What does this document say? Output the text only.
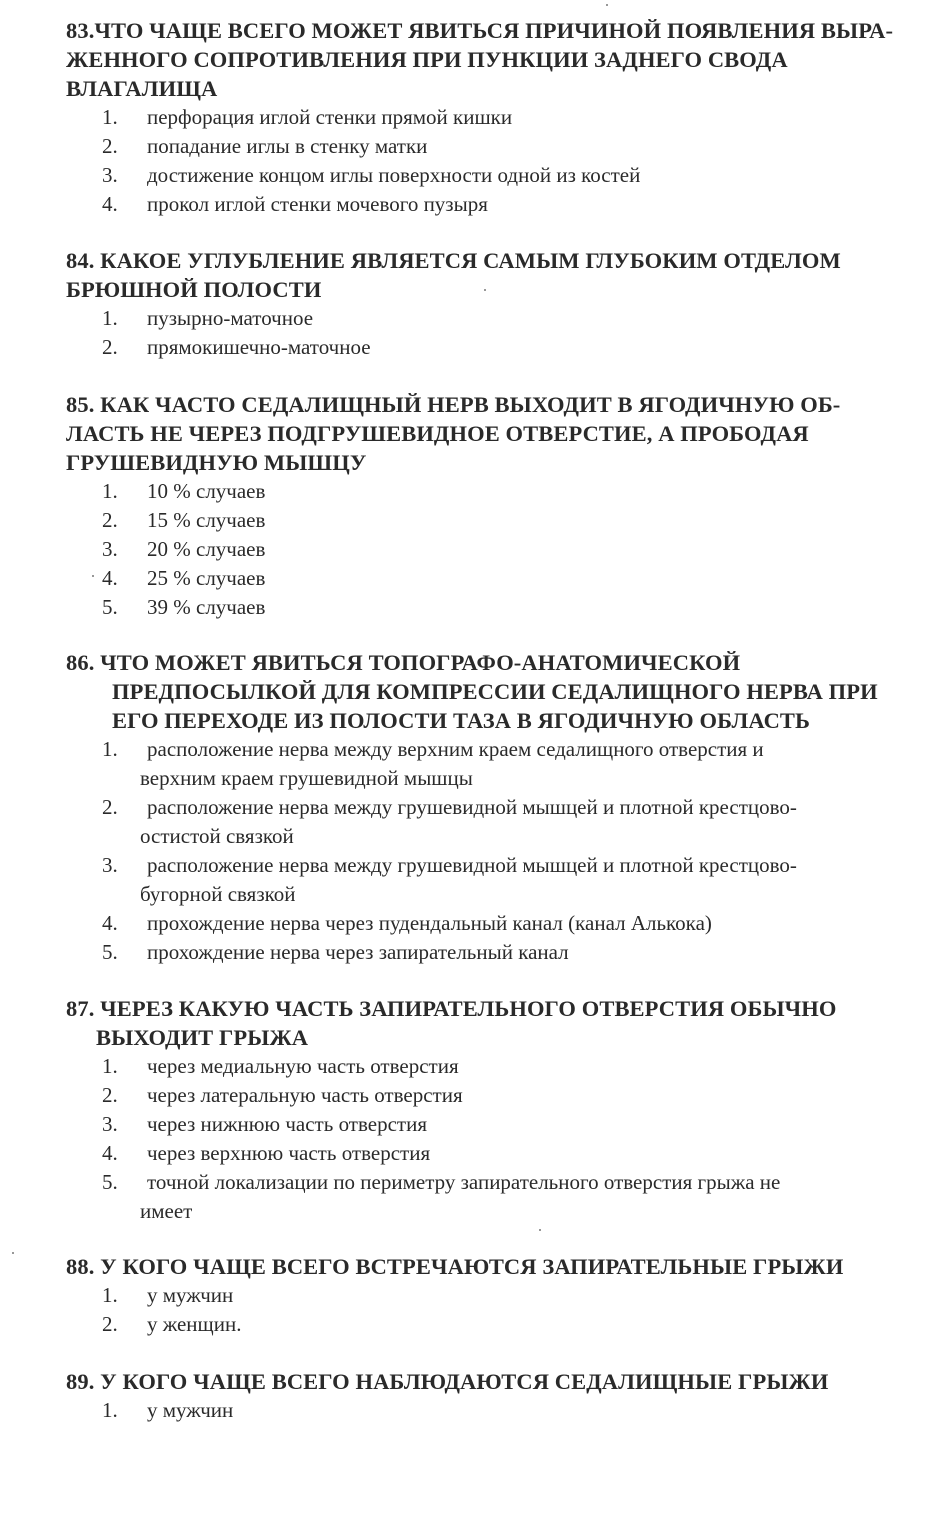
83.ЧТО ЧАЩЕ ВСЕГО МОЖЕТ ЯВИТЬСЯ ПРИЧИНОЙ ПОЯВЛЕНИЯ ВЫРА-
ЖЕННОГО СОПРОТИВЛЕНИЯ ПРИ ПУНКЦИИ ЗАДНЕГО СВОДА
ВЛАГАЛИЩА
1. перфорация иглой стенки прямой кишки
2. попадание иглы в стенку матки
3. достижение концом иглы поверхности одной из костей
4. прокол иглой стенки мочевого пузыря
84. КАКОЕ УГЛУБЛЕНИЕ ЯВЛЯЕТСЯ САМЫМ ГЛУБОКИМ ОТДЕЛОМ
БРЮШНОЙ ПОЛОСТИ
1. пузырно-маточное
2. прямокишечно-маточное
85. КАК ЧАСТО СЕДАЛИЩНЫЙ НЕРВ ВЫХОДИТ В ЯГОДИЧНУЮ ОБ-
ЛАСТЬ НЕ ЧЕРЕЗ ПОДГРУШЕВИДНОЕ ОТВЕРСТИЕ, А ПРОБОДАЯ
ГРУШЕВИДНУЮ МЫШЦУ
1. 10 % случаев
2. 15 % случаев
3. 20 % случаев
4. 25 % случаев
5. 39 % случаев
86. ЧТО МОЖЕТ ЯВИТЬСЯ ТОПОГРАФО-АНАТОМИЧЕСКОЙ
ПРЕДПОСЫЛКОЙ ДЛЯ КОМПРЕССИИ СЕДАЛИЩНОГО НЕРВА ПРИ
ЕГО ПЕРЕХОДЕ ИЗ ПОЛОСТИ ТАЗА В ЯГОДИЧНУЮ ОБЛАСТЬ
1. расположение нерва между верхним краем седалищного отверстия и
верхним краем грушевидной мышцы
2. расположение нерва между грушевидной мышцей и плотной крестцово-
остистой связкой
3. расположение нерва между грушевидной мышцей и плотной крестцово-
бугорной связкой
4. прохождение нерва через пудендальный канал (канал Алькока)
5. прохождение нерва через запирательный канал
87. ЧЕРЕЗ КАКУЮ ЧАСТЬ ЗАПИРАТЕЛЬНОГО ОТВЕРСТИЯ ОБЫЧНО
ВЫХОДИТ ГРЫЖА
1. через медиальную часть отверстия
2. через латеральную часть отверстия
3. через нижнюю часть отверстия
4. через верхнюю часть отверстия
5. точной локализации по периметру запирательного отверстия грыжа не
имеет
88. У КОГО ЧАЩЕ ВСЕГО ВСТРЕЧАЮТСЯ ЗАПИРАТЕЛЬНЫЕ ГРЫЖИ
1. у мужчин
2. у женщин.
89. У КОГО ЧАЩЕ ВСЕГО НАБЛЮДАЮТСЯ СЕДАЛИЩНЫЕ ГРЫЖИ
1. у мужчин
